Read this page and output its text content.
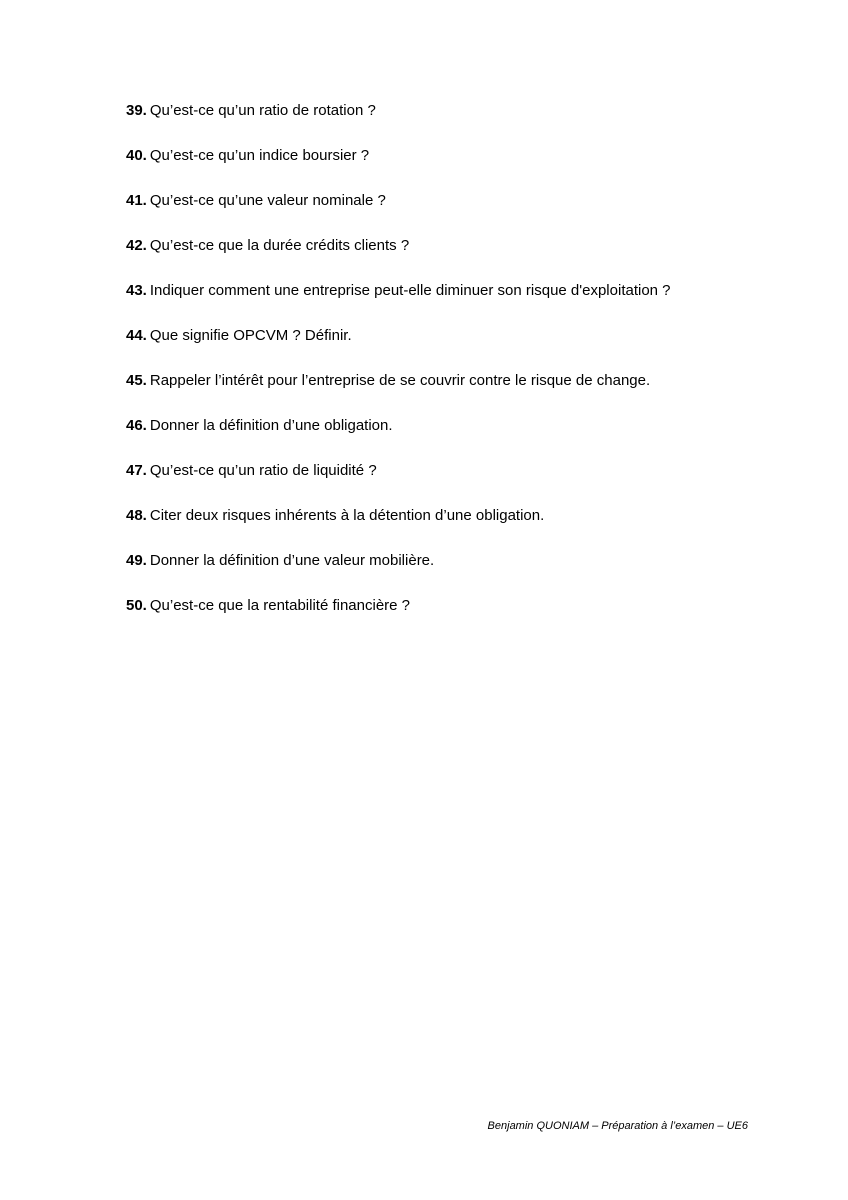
39. Qu’est-ce qu’un ratio de rotation ?
40. Qu’est-ce qu’un indice boursier ?
41. Qu’est-ce qu’une valeur nominale ?
42. Qu’est-ce que la durée crédits clients ?
43. Indiquer comment une entreprise peut-elle diminuer son risque d'exploitation ?
44. Que signifie OPCVM ? Définir.
45. Rappeler l’intérêt pour l’entreprise de se couvrir contre le risque de change.
46. Donner la définition d’une obligation.
47. Qu’est-ce qu’un ratio de liquidité ?
48. Citer deux risques inhérents à la détention d’une obligation.
49. Donner la définition d’une valeur mobilière.
50. Qu’est-ce que la rentabilité financière ?
Benjamin QUONIAM – Préparation à l’examen – UE6
